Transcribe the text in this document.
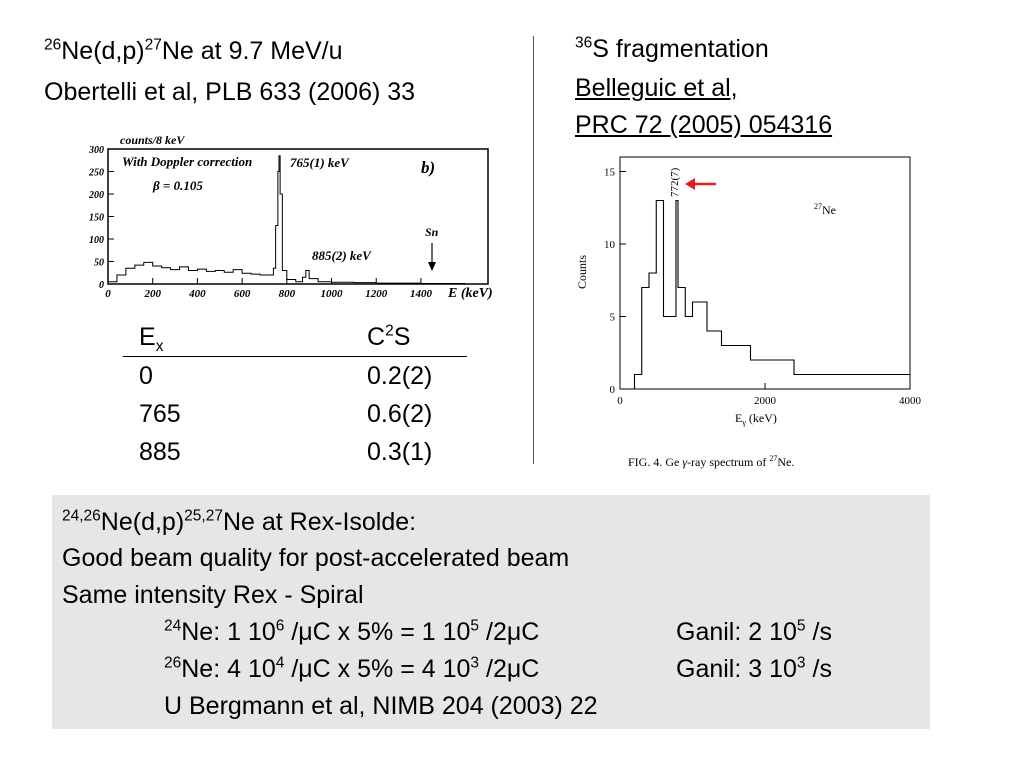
$^{26}Ne(d,p)^{27}Ne$ at 9.7 MeV/u
Obertelli et al, PLB 633 (2006) 33
$^{36}$S fragmentation
Belleguic et al,
PRC 72 (2005) 054316
counts/8 keV
0
50
100
150
200
250
300
0	200	400	600	800 1000 1200 1400
With Doppler correction
β = 0.105
765(1) keV
885(2) keV
b)
Sn
E (keV)
0
5
10
15
0	2000	4000
Counts
$E_\gamma$ (keV)
772(7)
$^{27}$Ne
FIG. 4. Ge γ-ray spectrum of $^{27}$Ne.
$E_x$	$C^2S$
0	0.2(2)
765	0.6(2)
885	0.3(1)
$^{24,26}Ne(d,p)^{25,27}Ne$ at Rex-Isolde:
Good beam quality for post-accelerated beam
Same intensity Rex - Spiral
$^{24}$Ne: 1 $10^6$ /μC x 5% = 1 $10^5$ /2μC	Ganil: 2 $10^5$ /s
$^{26}$Ne: 4 $10^4$ /μC x 5% = 4 $10^3$ /2μC	Ganil: 3 $10^3$ /s
U Bergmann et al, NIMB 204 (2003) 22
